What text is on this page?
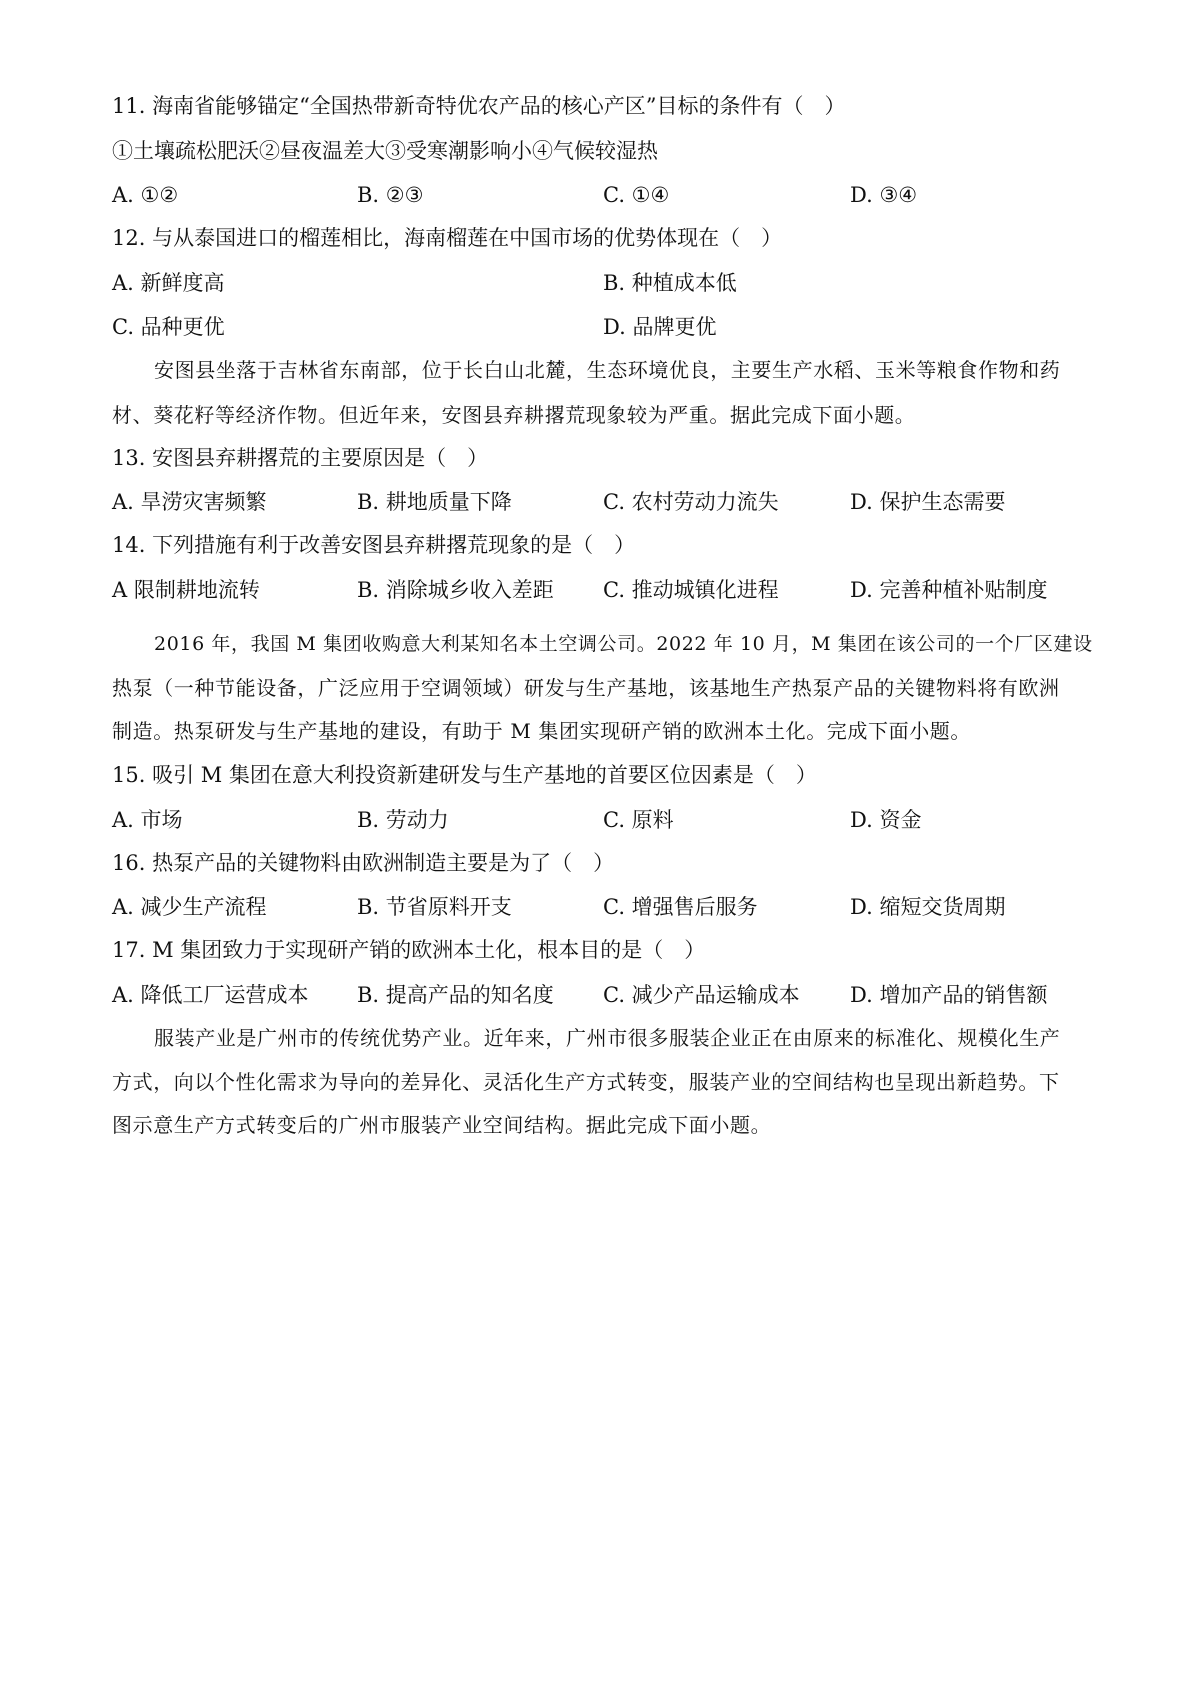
11. 海南省能够锚定“全国热带新奇特优农产品的核心产区”目标的条件有（　）
①土壤疏松肥沃②昼夜温差大③受寒潮影响小④气候较湿热
A. ①②	B. ②③	C. ①④	D. ③④
12. 与从泰国进口的榴莲相比，海南榴莲在中国市场的优势体现在（　）
A. 新鲜度高	B. 种植成本低
C. 品种更优	D. 品牌更优
安图县坐落于吉林省东南部，位于长白山北麓，生态环境优良，主要生产水稻、玉米等粮食作物和药
材、葵花籽等经济作物。但近年来，安图县弃耕撂荒现象较为严重。据此完成下面小题。
13. 安图县弃耕撂荒的主要原因是（　）
A. 旱涝灾害频繁	B. 耕地质量下降	C. 农村劳动力流失	D. 保护生态需要
14. 下列措施有利于改善安图县弃耕撂荒现象的是（　）
A 限制耕地流转	B. 消除城乡收入差距 C. 推动城镇化进程	D. 完善种植补贴制度
2016 年，我国 M 集团收购意大利某知名本土空调公司。2022 年 10 月，M 集团在该公司的一个厂区建设
热泵（一种节能设备，广泛应用于空调领域）研发与生产基地，该基地生产热泵产品的关键物料将有欧洲
制造。热泵研发与生产基地的建设，有助于 M 集团实现研产销的欧洲本土化。完成下面小题。
15. 吸引 M 集团在意大利投资新建研发与生产基地的首要区位因素是（　）
A. 市场	B. 劳动力	C. 原料	D. 资金
16. 热泵产品的关键物料由欧洲制造主要是为了（　）
A. 减少生产流程	B. 节省原料开支	C. 增强售后服务	D. 缩短交货周期
17. M 集团致力于实现研产销的欧洲本土化，根本目的是（　）
A. 降低工厂运营成本 B. 提高产品的知名度 C. 减少产品运输成本 D. 增加产品的销售额
服装产业是广州市的传统优势产业。近年来，广州市很多服装企业正在由原来的标准化、规模化生产
方式，向以个性化需求为导向的差异化、灵活化生产方式转变，服装产业的空间结构也呈现出新趋势。下
图示意生产方式转变后的广州市服装产业空间结构。据此完成下面小题。
